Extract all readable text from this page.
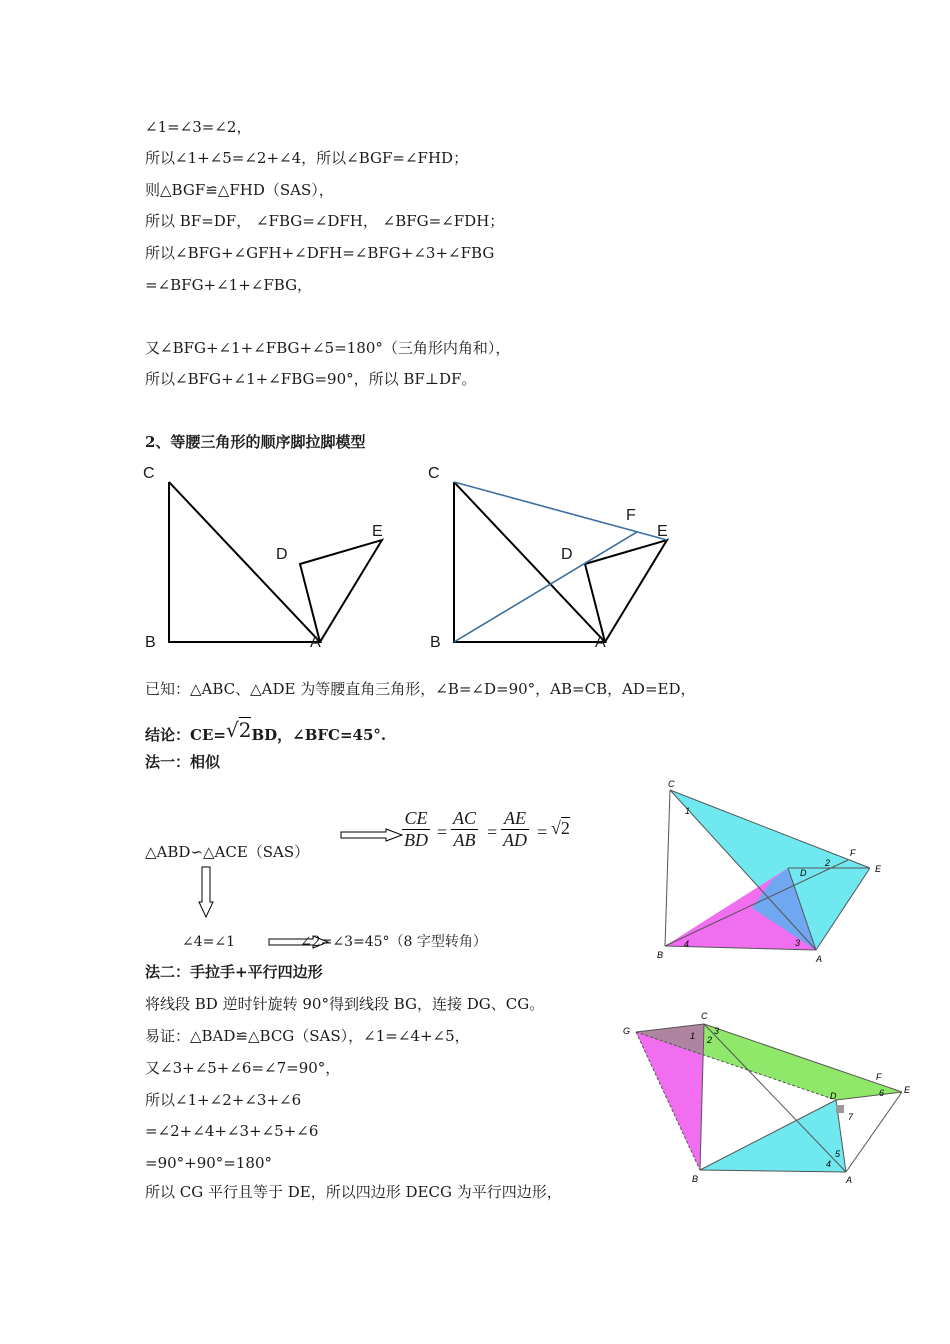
∠1=∠3=∠2，
所以∠1+∠5=∠2+∠4，所以∠BGF=∠FHD；
则△BGF≌△FHD（SAS），
所以 BF=DF， ∠FBG=∠DFH， ∠BFG=∠FDH；
所以∠BFG+∠GFH+∠DFH=∠BFG+∠3+∠FBG
=∠BFG+∠1+∠FBG，
又∠BFG+∠1+∠FBG+∠5=180°（三角形内角和），
所以∠BFG+∠1+∠FBG=90°，所以 BF⊥DF。
2、等腰三角形的顺序脚拉脚模型
C
B	A
D
E
C
B	A
D
E
F
已知：△ABC、△ADE 为等腰直角三角形，∠B=∠D=90°，AB=CB，AD=ED，
结论：CE=√2BD，∠BFC=45°.
法一：相似
△ABD∽△ACE（SAS）
$\frac{CE}{BD} = \frac{AC}{AB} = \frac{AE}{AD} = √2$
∠4=∠1	∠2=∠3=45°（8 字型转角）
C
F
E
D
B	A
1
2
3
4
法二：手拉手+平行四边形
将线段 BD 逆时针旋转 90°得到线段 BG，连接 DG、CG。
易证：△BAD≌△BCG（SAS），∠1=∠4+∠5，
又∠3+∠5+∠6=∠7=90°，
所以∠1+∠2+∠3+∠6
=∠2+∠4+∠3+∠5+∠6
=90°+90°=180°
所以 CG 平行且等于 DE，所以四边形 DECG 为平行四边形，
G
C
F
E
D
B	A
1 2
3
4
5
6
7
